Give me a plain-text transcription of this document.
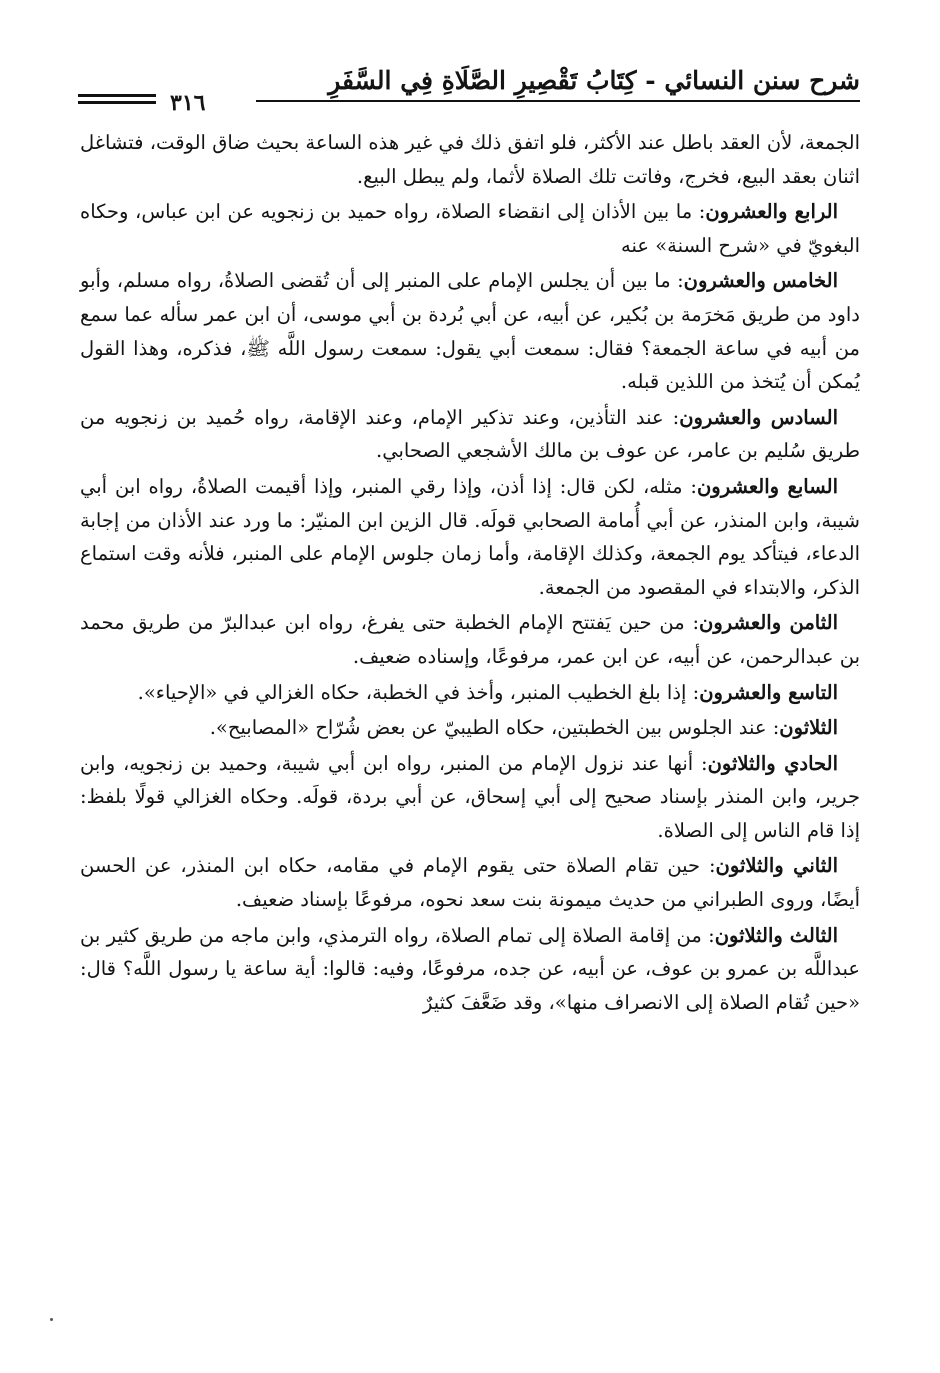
شرح سنن النسائي - كِتَابُ تَقْصِيرِ الصَّلَاةِ فِي السَّفَرِ
٣١٦

الجمعة، لأن العقد باطل عند الأكثر، فلو اتفق ذلك في غير هذه الساعة بحيث ضاق الوقت، فتشاغل اثنان بعقد البيع، فخرج، وفاتت تلك الصلاة لأثما، ولم يبطل البيع.

الرابع والعشرون: ما بين الأذان إلى انقضاء الصلاة، رواه حميد بن زنجويه عن ابن عباس، وحكاه البغويّ في «شرح السنة» عنه

الخامس والعشرون: ما بين أن يجلس الإمام على المنبر إلى أن تُقضى الصلاةُ، رواه مسلم، وأبو داود من طريق مَخرَمة بن بُكير، عن أبيه، عن أبي بُردة بن أبي موسى، أن ابن عمر سأله عما سمع من أبيه في ساعة الجمعة؟ فقال: سمعت أبي يقول: سمعت رسول اللَّه ﷺ، فذكره، وهذا القول يُمكن أن يُتخذ من اللذين قبله.

السادس والعشرون: عند التأذين، وعند تذكير الإمام، وعند الإقامة، رواه حُميد بن زنجويه من طريق سُليم بن عامر، عن عوف بن مالك الأشجعي الصحابي.

السابع والعشرون: مثله، لكن قال: إذا أذن، وإذا رقي المنبر، وإذا أقيمت الصلاةُ، رواه ابن أبي شيبة، وابن المنذر، عن أبي أُمامة الصحابي قولَه. قال الزين ابن المنيّر: ما ورد عند الأذان من إجابة الدعاء، فيتأكد يوم الجمعة، وكذلك الإقامة، وأما زمان جلوس الإمام على المنبر، فلأنه وقت استماع الذكر، والابتداء في المقصود من الجمعة.

الثامن والعشرون: من حين يَفتتح الإمام الخطبة حتى يفرغ، رواه ابن عبدالبرّ من طريق محمد بن عبدالرحمن، عن أبيه، عن ابن عمر، مرفوعًا، وإسناده ضعيف.

التاسع والعشرون: إذا بلغ الخطيب المنبر، وأخذ في الخطبة، حكاه الغزالي في «الإحياء».

الثلاثون: عند الجلوس بين الخطبتين، حكاه الطيبيّ عن بعض شُرّاح «المصابيح».

الحادي والثلاثون: أنها عند نزول الإمام من المنبر، رواه ابن أبي شيبة، وحميد بن زنجويه، وابن جرير، وابن المنذر بإسناد صحيح إلى أبي إسحاق، عن أبي بردة، قولَه. وحكاه الغزالي قولًا بلفظ: إذا قام الناس إلى الصلاة.

الثاني والثلاثون: حين تقام الصلاة حتى يقوم الإمام في مقامه، حكاه ابن المنذر، عن الحسن أيضًا، وروى الطبراني من حديث ميمونة بنت سعد نحوه، مرفوعًا بإسناد ضعيف.

الثالث والثلاثون: من إقامة الصلاة إلى تمام الصلاة، رواه الترمذي، وابن ماجه من طريق كثير بن عبداللَّه بن عمرو بن عوف، عن أبيه، عن جده، مرفوعًا، وفيه: قالوا: أية ساعة يا رسول اللَّه؟ قال: «حين تُقام الصلاة إلى الانصراف منها»، وقد ضَعَّفَ كثيرٌ
